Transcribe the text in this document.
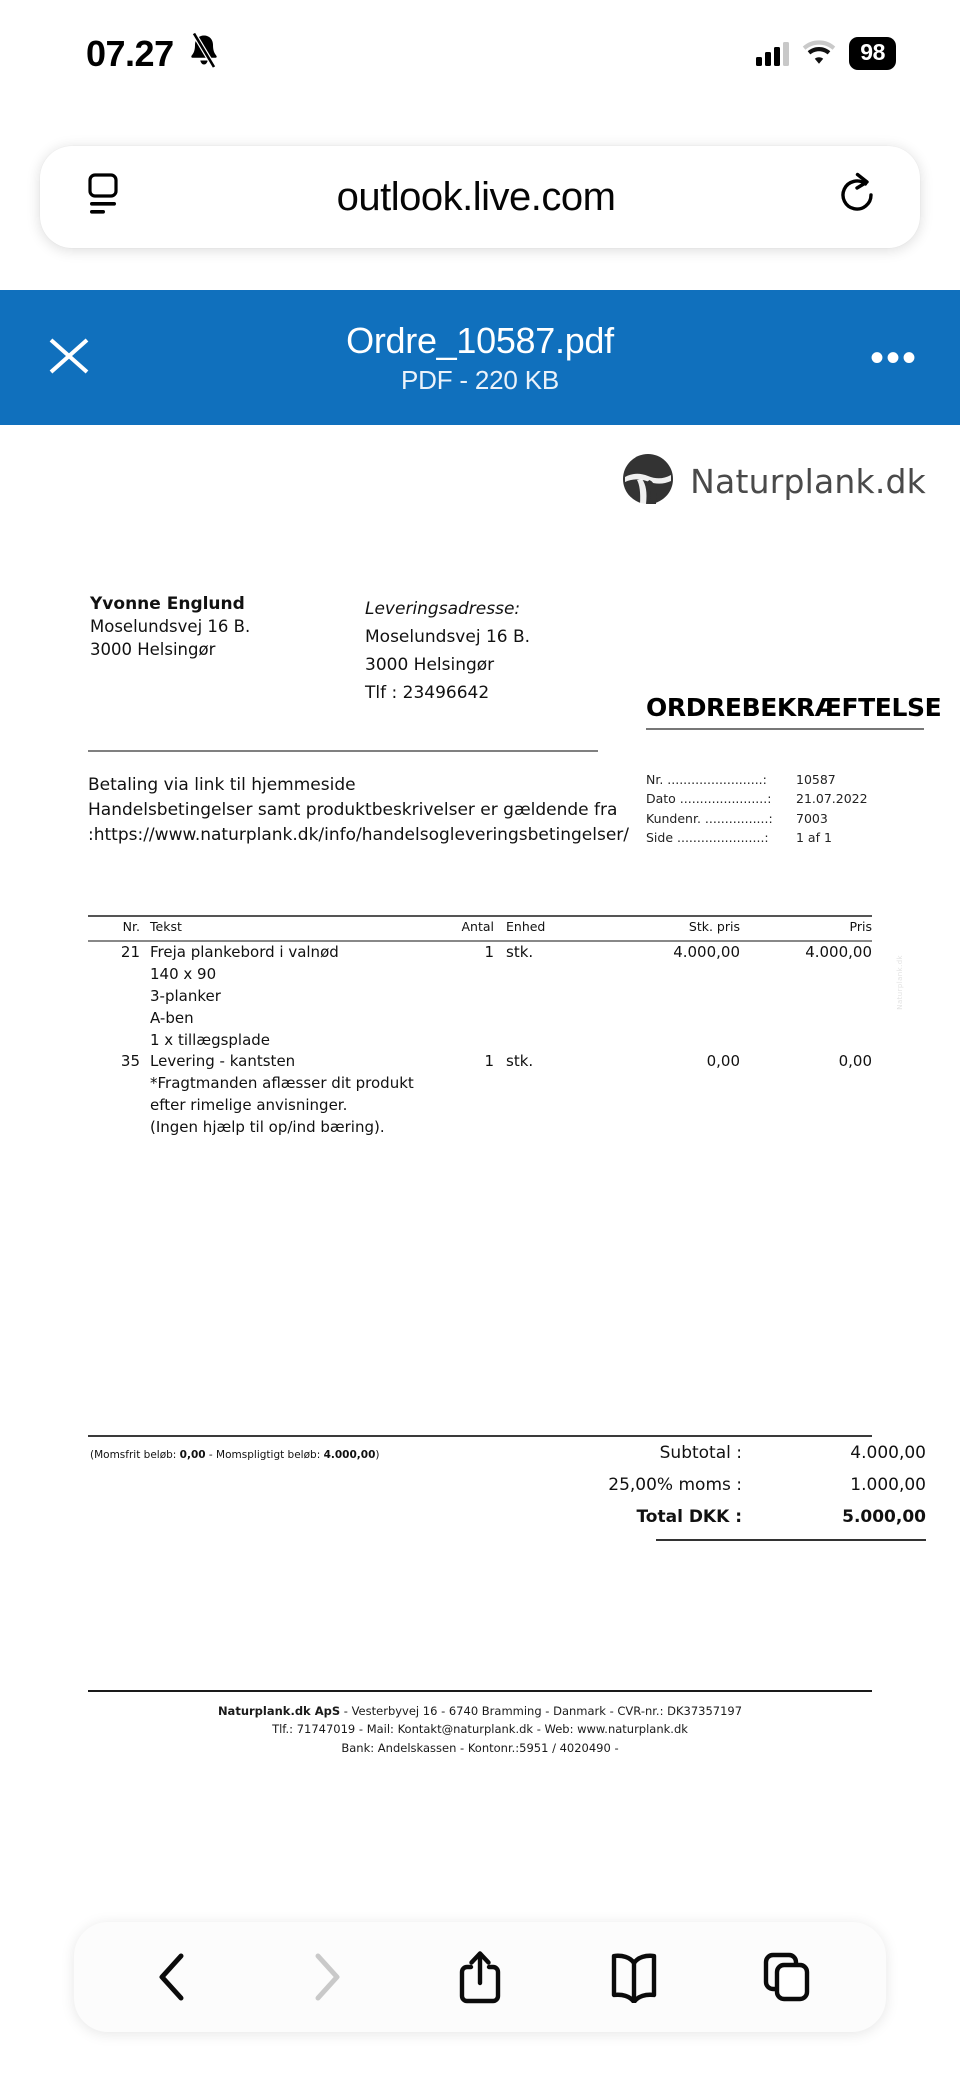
07.27	98
outlook.live.com
Ordre_10587.pdf
PDF - 220 KB
•••
Naturplank.dk
Yvonne Englund
Moselundsvej 16 B.
3000 Helsingør
Leveringsadresse:
Moselundsvej 16 B.
3000 Helsingør
Tlf : 23496642	ORDREBEKRÆFTELSE
Nr. ........................:	10587
Dato ......................:	21.07.2022
Kundenr. ................:	7003
Side ......................:	1 af 1
Betaling via link til hjemmeside
Handelsbetingelser samt produktbeskrivelser er gældende fra
:https://www.naturplank.dk/info/handelsogleveringsbetingelser/
Nr.	Tekst	Antal	Enhed	Stk. pris	Pris
21	Freja plankebord i valnød	1	stk.	4.000,00	4.000,00
	140 x 90				
	3-planker				
	A-ben				
	1 x tillægsplade				
35	Levering - kantsten	1	stk.	0,00	0,00
	*Fragtmanden aflæsser dit produkt				
	efter rimelige anvisninger.				
	(Ingen hjælp til op/ind bæring).				
Naturplank.dk
(Momsfrit beløb: 0,00 - Momspligtigt beløb: 4.000,00)	Subtotal :	4.000,00
25,00% moms :	1.000,00
Total DKK :	5.000,00
Naturplank.dk ApS - Vesterbyvej 16 - 6740 Bramming - Danmark - CVR-nr.: DK37357197
Tlf.: 71747019 - Mail: Kontakt@naturplank.dk - Web: www.naturplank.dk
Bank: Andelskassen - Kontonr.:5951 / 4020490 -
